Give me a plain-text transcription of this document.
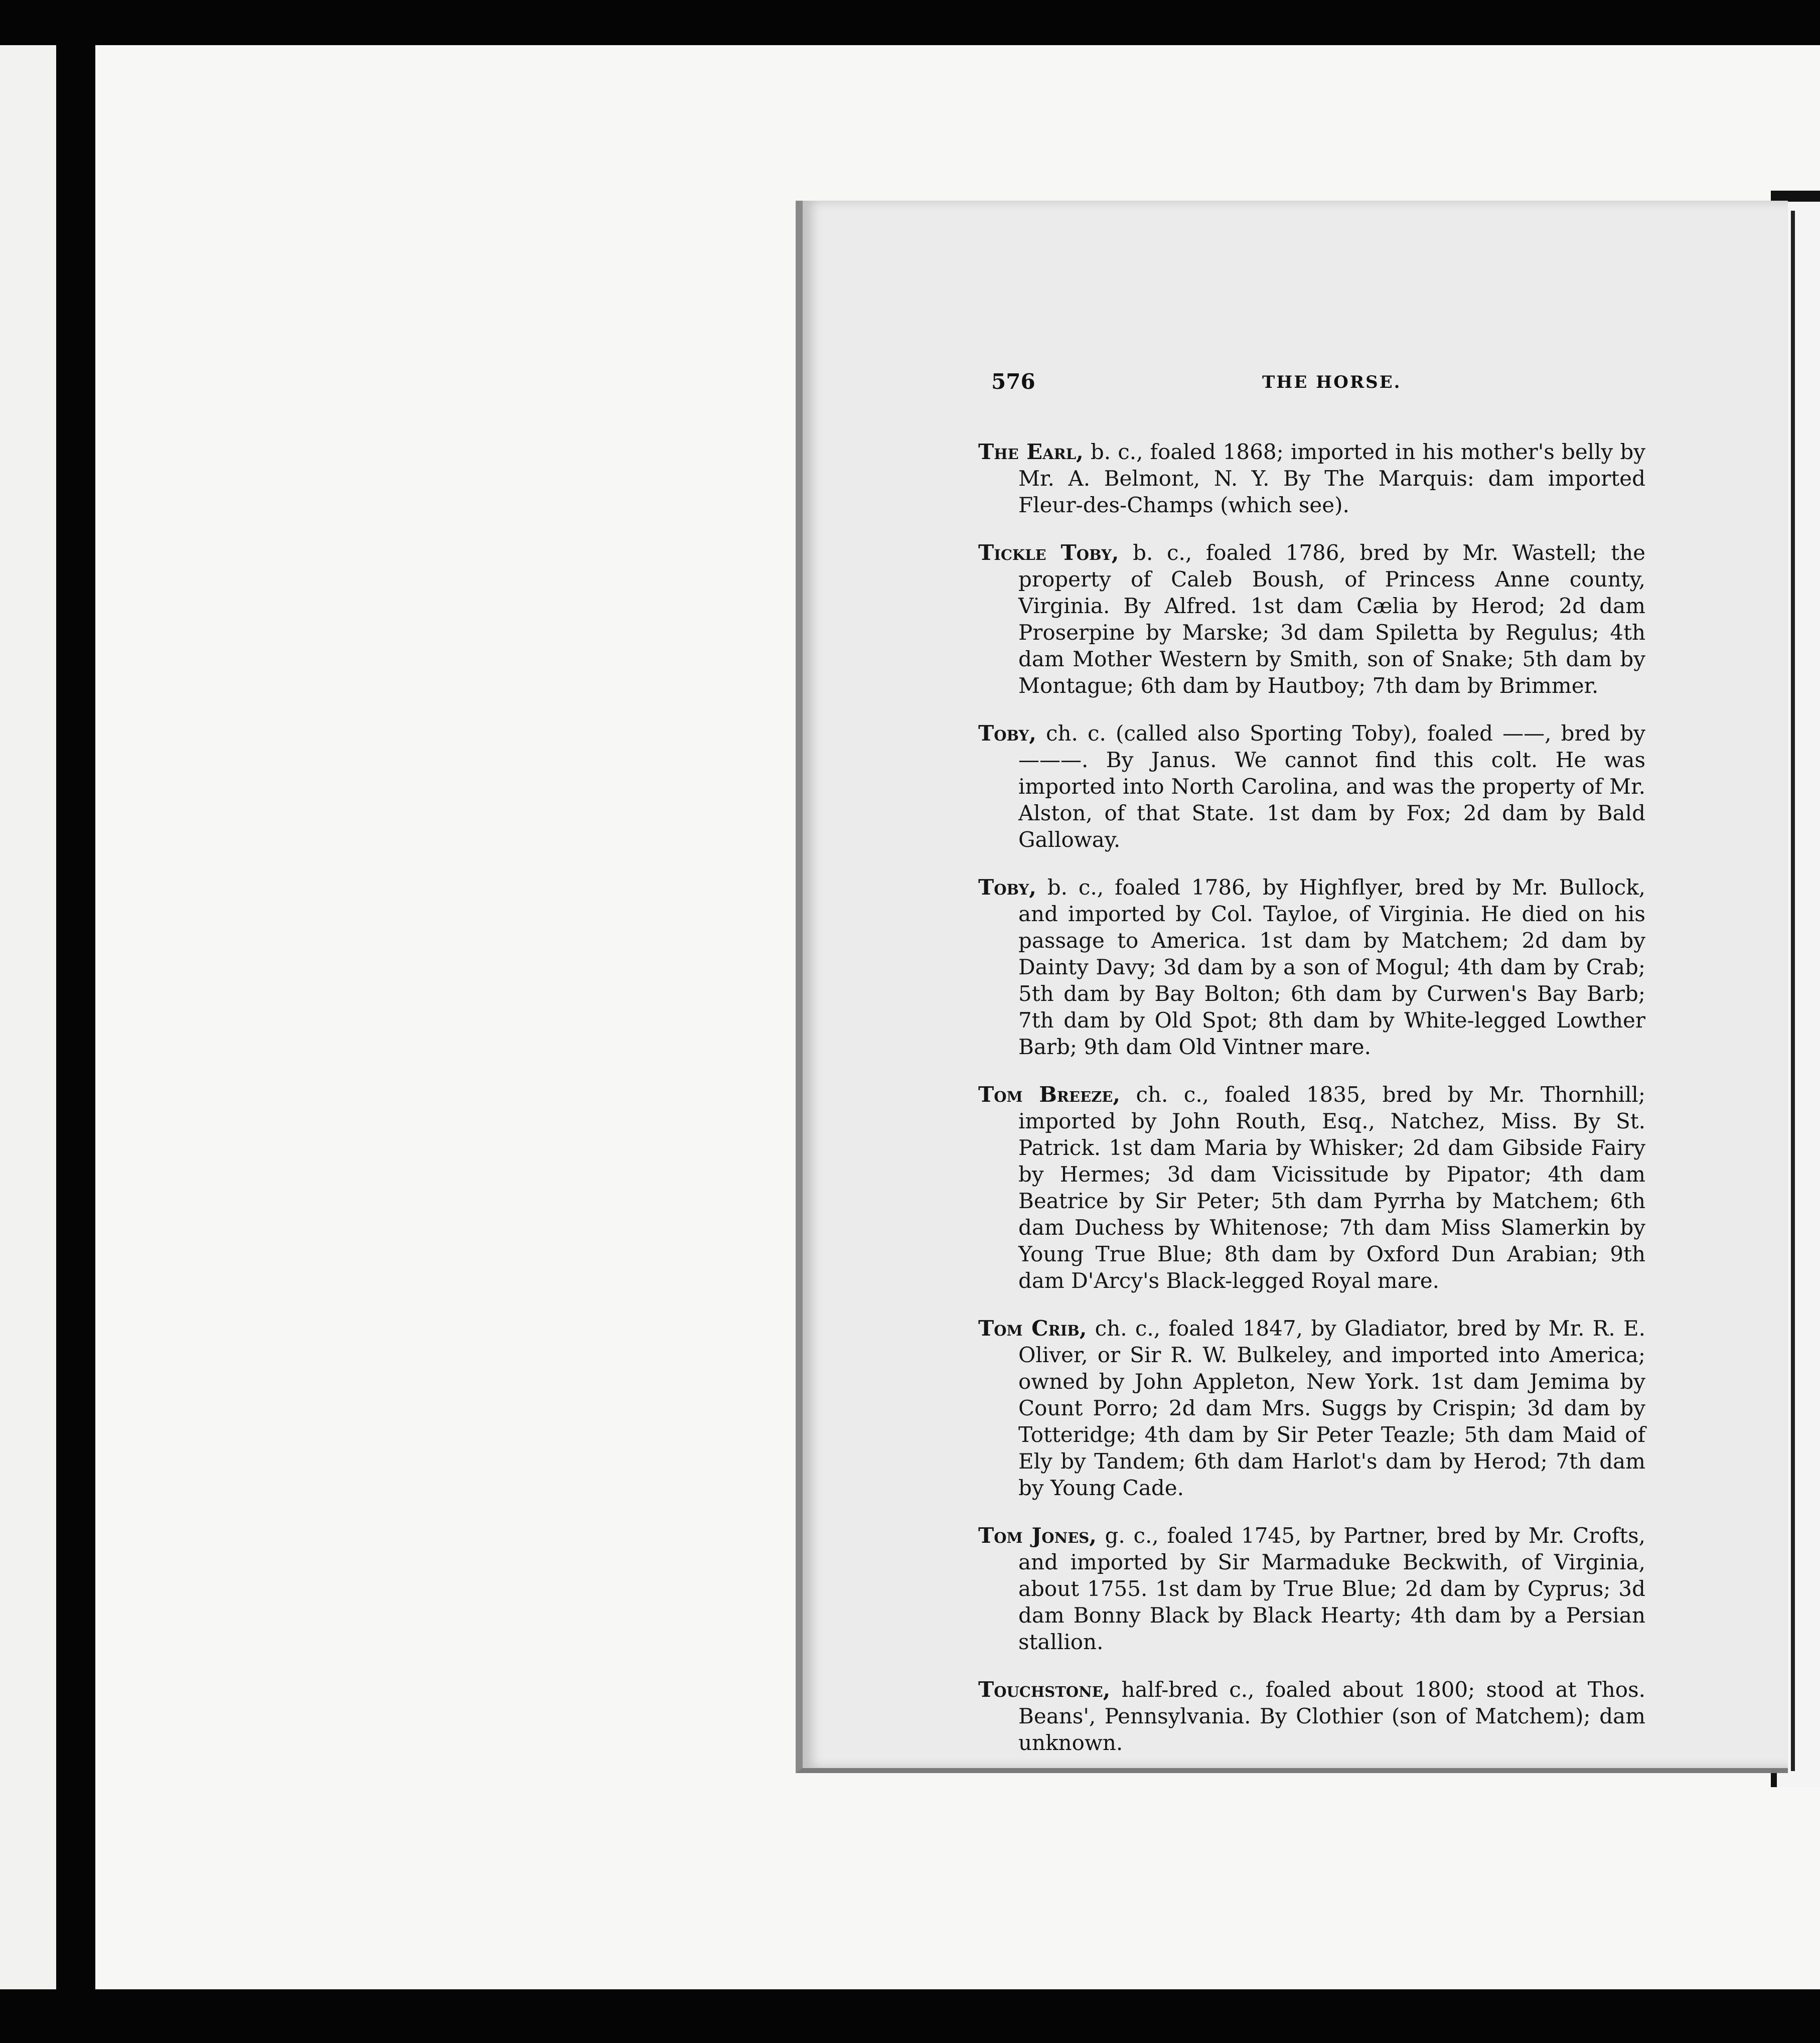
576	THE HORSE.

The Earl, b. c., foaled 1868; imported in his mother's belly by Mr. A. Belmont, N. Y. By The Marquis: dam imported Fleur-des-Champs (which see).

Tickle Toby, b. c., foaled 1786, bred by Mr. Wastell; the property of Caleb Boush, of Princess Anne county, Virginia. By Alfred. 1st dam Cælia by Herod; 2d dam Proserpine by Marske; 3d dam Spiletta by Regulus; 4th dam Mother Western by Smith, son of Snake; 5th dam by Montague; 6th dam by Hautboy; 7th dam by Brimmer.

Toby, ch. c. (called also Sporting Toby), foaled ——, bred by———. By Janus. We cannot find this colt. He was imported into North Carolina, and was the property of Mr. Alston, of that State. 1st dam by Fox; 2d dam by Bald Galloway.

Toby, b. c., foaled 1786, by Highflyer, bred by Mr. Bullock, and imported by Col. Tayloe, of Virginia. He died on his passage to America. 1st dam by Matchem; 2d dam by Dainty Davy; 3d dam by a son of Mogul; 4th dam by Crab; 5th dam by Bay Bolton; 6th dam by Curwen's Bay Barb; 7th dam by Old Spot; 8th dam by White-legged Lowther Barb; 9th dam Old Vintner mare.

Tom Breeze, ch. c., foaled 1835, bred by Mr. Thornhill; imported by John Routh, Esq., Natchez, Miss. By St. Patrick. 1st dam Maria by Whisker; 2d dam Gibside Fairy by Hermes; 3d dam Vicissitude by Pipator; 4th dam Beatrice by Sir Peter; 5th dam Pyrrha by Matchem; 6th dam Duchess by Whitenose; 7th dam Miss Slamerkin by Young True Blue; 8th dam by Oxford Dun Arabian; 9th dam D'Arcy's Black-legged Royal mare.

Tom Crib, ch. c., foaled 1847, by Gladiator, bred by Mr. R. E. Oliver, or Sir R. W. Bulkeley, and imported into America; owned by John Appleton, New York. 1st dam Jemima by Count Porro; 2d dam Mrs. Suggs by Crispin; 3d dam by Totteridge; 4th dam by Sir Peter Teazle; 5th dam Maid of Ely by Tandem; 6th dam Harlot's dam by Herod; 7th dam by Young Cade.

Tom Jones, g. c., foaled 1745, by Partner, bred by Mr. Crofts, and imported by Sir Marmaduke Beckwith, of Virginia, about 1755. 1st dam by True Blue; 2d dam by Cyprus; 3d dam Bonny Black by Black Hearty; 4th dam by a Persian stallion.

Touchstone, half-bred c., foaled about 1800; stood at Thos. Beans', Pennsylvania. By Clothier (son of Matchem); dam unknown.
